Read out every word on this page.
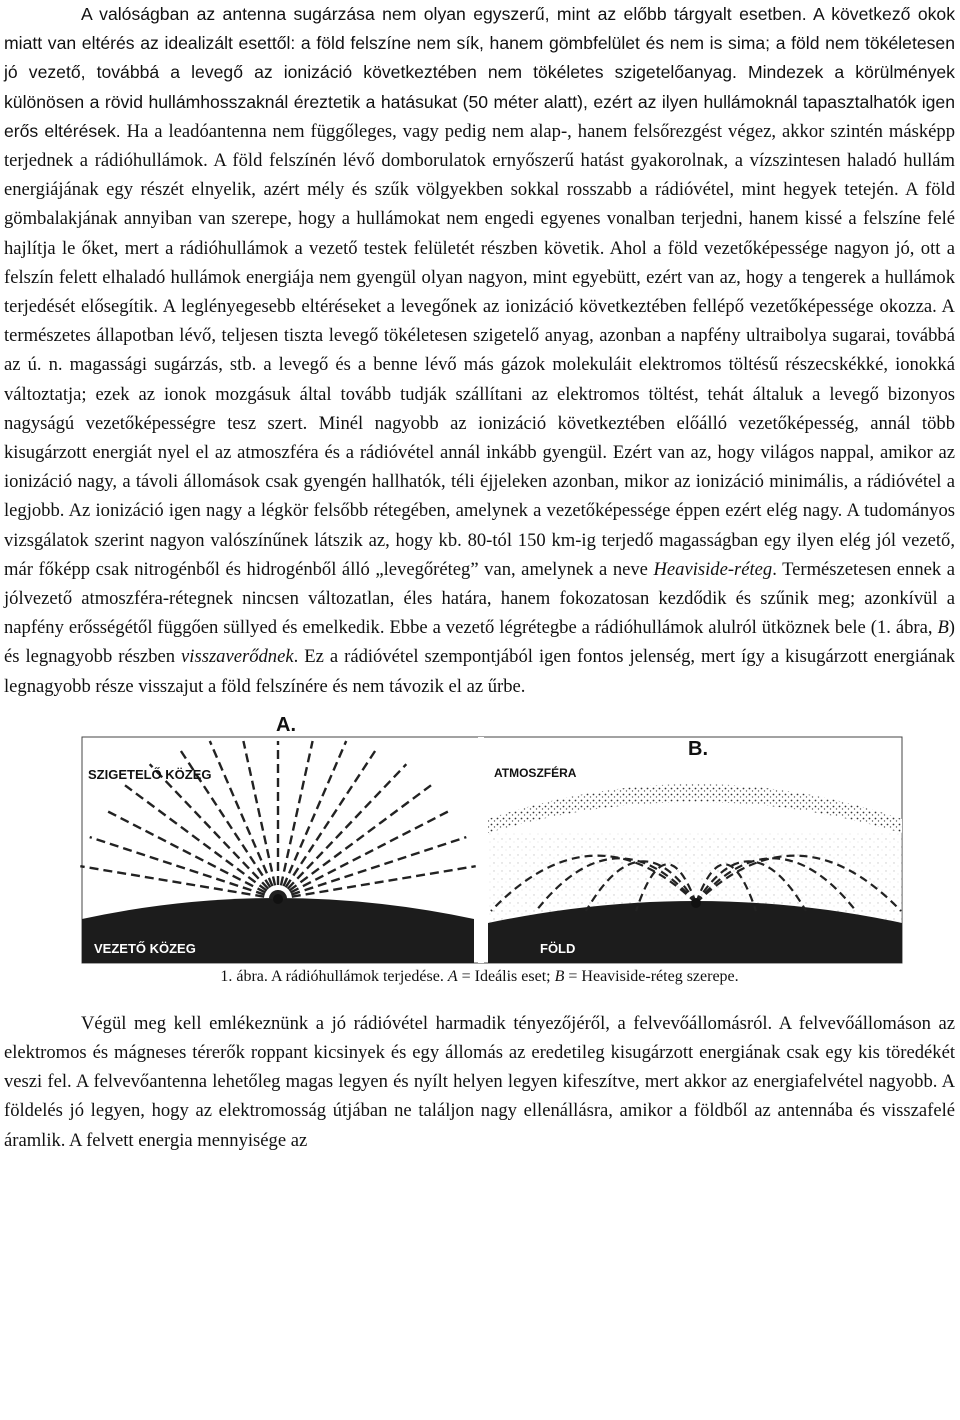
A valóságban az antenna sugárzása nem olyan egyszerű, mint az előbb tárgyalt esetben. A következő okok miatt van eltérés az idealizált esettől: a föld felszíne nem sík, hanem gömbfelület és nem is sima; a föld nem tökéletesen jó vezető, továbbá a levegő az ionizáció következtében nem tökéletes szigetelőanyag. Mindezek a körülmények különösen a rövid hullámhosszaknál éreztetik a hatásukat (50 méter alatt), ezért az ilyen hullámoknál tapasztalhatók igen erős eltérések. Ha a leadóantenna nem függőleges, vagy pedig nem alap-, hanem felsőrezgést végez, akkor szintén másképp terjednek a rádióhullámok. A föld felszínén lévő domborulatok ernyőszerű hatást gyakorolnak, a vízszintesen haladó hullám energiájának egy részét elnyelik, azért mély és szűk völgyekben sokkal rosszabb a rádióvétel, mint hegyek tetején. A föld gömbalakjának annyiban van szerepe, hogy a hullámokat nem engedi egyenes vonalban terjedni, hanem kissé a felszíne felé hajlítja le őket, mert a rádióhullámok a vezető testek felületét részben követik. Ahol a föld vezetőképessége nagyon jó, ott a felszín felett elhaladó hullámok energiája nem gyengül olyan nagyon, mint egyebütt, ezért van az, hogy a tengerek a hullámok terjedését elősegítik. A leglényegesebb eltéréseket a levegőnek az ionizáció következtében fellépő vezetőképessége okozza. A természetes állapotban lévő, teljesen tiszta levegő tökéletesen szigetelő anyag, azonban a napfény ultraibolya sugarai, továbbá az ú. n. magassági sugárzás, stb. a levegő és a benne lévő más gázok molekuláit elektromos töltésű részecskékké, ionokká változtatja; ezek az ionok mozgásuk által tovább tudják szállítani az elektromos töltést, tehát általuk a levegő bizonyos nagyságú vezetőképességre tesz szert. Minél nagyobb az ionizáció következtében előálló vezetőképesség, annál több kisugárzott energiát nyel el az atmoszféra és a rádióvétel annál inkább gyengül. Ezért van az, hogy világos nappal, amikor az ionizáció nagy, a távoli állomások csak gyengén hallhatók, téli éjjeleken azonban, mikor az ionizáció minimális, a rádióvétel a legjobb. Az ionizáció igen nagy a légkör felsőbb rétegében, amelynek a vezetőképessége éppen ezért elég nagy. A tudományos vizsgálatok szerint nagyon valószínűnek látszik az, hogy kb. 80-tól 150 km-ig terjedő magasságban egy ilyen elég jól vezető, már főképp csak nitrogénből és hidrogénből álló „levegőréteg” van, amelynek a neve Heaviside-réteg. Természetesen ennek a jólvezető atmoszféra-rétegnek nincsen változatlan, éles határa, hanem fokozatosan kezdődik és szűnik meg; azonkívül a napfény erősségétől függően süllyed és emelkedik. Ebbe a vezető légrétegbe a rádióhullámok alulról ütköznek bele (1. ábra, B) és legnagyobb részben visszaverődnek. Ez a rádióvétel szempontjából igen fontos jelenség, mert így a kisugárzott energiának legnagyobb része visszajut a föld felszínére és nem távozik el az űrbe.

A.
SZIGETELŐ KÖZEG
VEZETŐ KÖZEG
B.
ATMOSZFÉRA
FÖLD
1. ábra. A rádióhullámok terjedése. A = Ideális eset; B = Heaviside-réteg szerepe.

Végül meg kell emlékeznünk a jó rádióvétel harmadik tényezőjéről, a felvevőállomásról. A felvevőállomáson az elektromos és mágneses térerők roppant kicsinyek és egy állomás az eredetileg kisugárzott energiának csak egy kis töredékét veszi fel. A felvevőantenna lehetőleg magas legyen és nyílt helyen legyen kifeszítve, mert akkor az energiafelvétel nagyobb. A földelés jó legyen, hogy az elektromosság útjában ne találjon nagy ellenállásra, amikor a földből az antennába és visszafelé áramlik. A felvett energia mennyisége az
